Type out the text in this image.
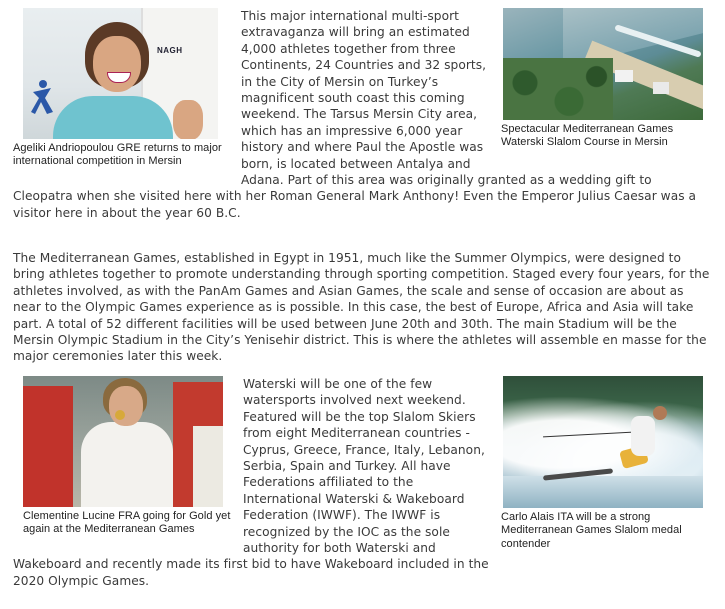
NAGH
Ageliki Andriopoulou GRE returns to major international competition in Mersin
Spectacular Mediterranean Games Waterski Slalom Course in Mersin
This major international multi-sport extravaganza will bring an estimated 4,000 athletes together from three Continents, 24 Countries and 32 sports, in the City of Mersin on Turkey’s magnificent south coast this coming weekend. The Tarsus Mersin City area, which has an impressive 6,000 year history and where Paul the Apostle was born, is located between Antalya and Adana. Part of this area was originally granted as a wedding gift to Cleopatra when she visited here with her Roman General Mark Anthony! Even the Emperor Julius Caesar was a visitor here in about the year 60 B.C.
The Mediterranean Games, established in Egypt in 1951, much like the Summer Olympics, were designed to bring athletes together to promote understanding through sporting competition. Staged every four years, for the athletes involved, as with the PanAm Games and Asian Games, the scale and sense of occasion are about as near to the Olympic Games experience as is possible. In this case, the best of Europe, Africa and Asia will take part. A total of 52 different facilities will be used between June 20th and 30th. The main Stadium will be the Mersin Olympic Stadium in the City’s Yenisehir district. This is where the athletes will assemble en masse for the major ceremonies later this week.
Clementine Lucine FRA going for Gold yet again at the Mediterranean Games
Carlo Alais ITA will be a strong Mediterranean Games Slalom medal contender
Waterski will be one of the few watersports involved next weekend. Featured will be the top Slalom Skiers from eight Mediterranean countries - Cyprus, Greece, France, Italy, Lebanon, Serbia, Spain and Turkey. All have Federations affiliated to the International Waterski & Wakeboard Federation (IWWF). The IWWF is recognized by the IOC as the sole authority for both Waterski and Wakeboard and recently made its first bid to have Wakeboard included in the 2020 Olympic Games.
